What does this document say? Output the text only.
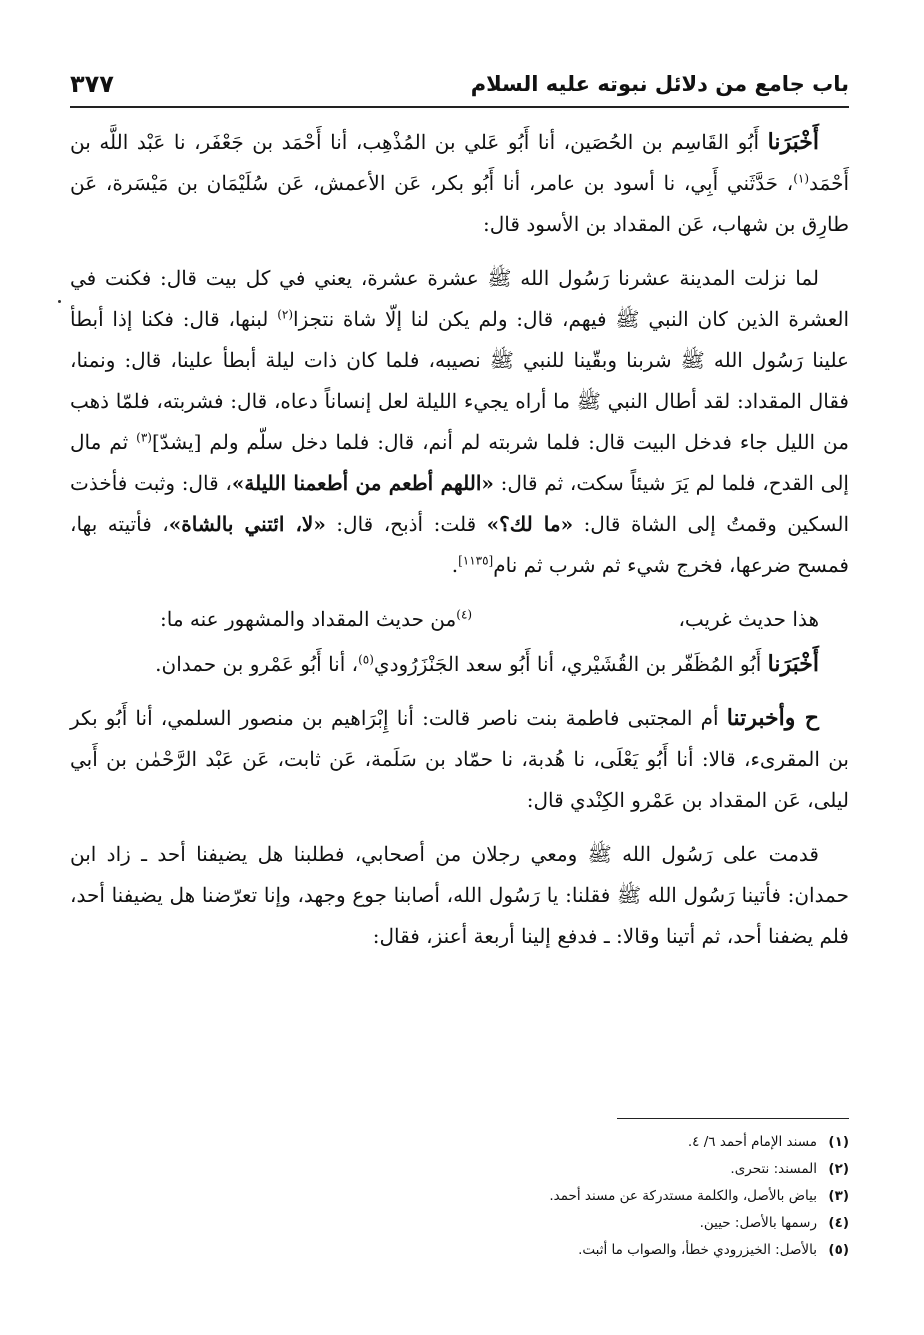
باب جامع من دلائل نبوته عليه السلام
٣٧٧

أَخْبَرَنا أَبُو القَاسِم بن الحُصَين، أنا أَبُو عَلي بن المُذْهِب، أنا أَحْمَد بن جَعْفَر، نا عَبْد اللَّه بن أَحْمَد$^{(١)}$، حَدَّثَني أَبِي، نا أسود بن عامر، أنا أَبُو بكر، عَن الأعمش، عَن سُلَيْمَان بن مَيْسَرة، عَن طارِق بن شهاب، عَن المقداد بن الأسود قال:

لما نزلت المدينة عشرنا رَسُول الله ﷺ عشرة عشرة، يعني في كل بيت قال: فكنت في العشرة الذين كان النبي ﷺ فيهم، قال: ولم يكن لنا إلّا شاة نتجزا$^{(٢)}$ لبنها، قال: فكنا إذا أبطأ علينا رَسُول الله ﷺ شربنا وبقّينا للنبي ﷺ نصيبه، فلما كان ذات ليلة أبطأ علينا، قال: ونمنا، فقال المقداد: لقد أطال النبي ﷺ ما أراه يجيء الليلة لعل إنساناً دعاه، قال: فشربته، فلمّا ذهب من الليل جاء فدخل البيت قال: فلما شربته لم أنم، قال: فلما دخل سلّم ولم [يشدّ]$^{(٣)}$ ثم مال إلى القدح، فلما لم يَرَ شيئاً سكت، ثم قال: «اللهم أطعم من أطعمنا الليلة»، قال: وثبت فأخذت السكين وقمتُ إلى الشاة قال: «ما لك؟» قلت: أذبح، قال: «لا، ائتني بالشاة»، فأتيته بها، فمسح ضرعها، فخرج شيء ثم شرب ثم نام[١١٣٥].

هذا حديث غريب،
$^{(٤)}$من حديث المقداد والمشهور عنه ما:

أَخْبَرَنا أَبُو المُظَفّر بن القُشَيْري، أنا أَبُو سعد الجَنْزَرُودي$^{(٥)}$، أنا أَبُو عَمْرو بن حمدان.

ح وأخبرتنا أم المجتبى فاطمة بنت ناصر قالت: أنا إِبْرَاهيم بن منصور السلمي، أنا أَبُو بكر بن المقرىء، قالا: أنا أَبُو يَعْلَى، نا هُدبة، نا حمّاد بن سَلَمة، عَن ثابت، عَن عَبْد الرَّحْمٰن بن أَبي ليلى، عَن المقداد بن عَمْرو الكِنْدي قال:

قدمت على رَسُول الله ﷺ ومعي رجلان من أصحابي، فطلبنا هل يضيفنا أحد ـ زاد ابن حمدان: فأتينا رَسُول الله ﷺ فقلنا: يا رَسُول الله، أصابنا جوع وجهد، وإنا تعرّضنا هل يضيفنا أحد، فلم يضفنا أحد، ثم أتينا وقالا: ـ فدفع إلينا أربعة أعنز، فقال:

(١)مسند الإمام أحمد ٦/ ٤.
(٢)المسند: نتحرى.
(٣)بياض بالأصل، والكلمة مستدركة عن مسند أحمد.
(٤)رسمها بالأصل: حيين.
(٥)بالأصل: الخيزرودي خطأ، والصواب ما أثبت.
